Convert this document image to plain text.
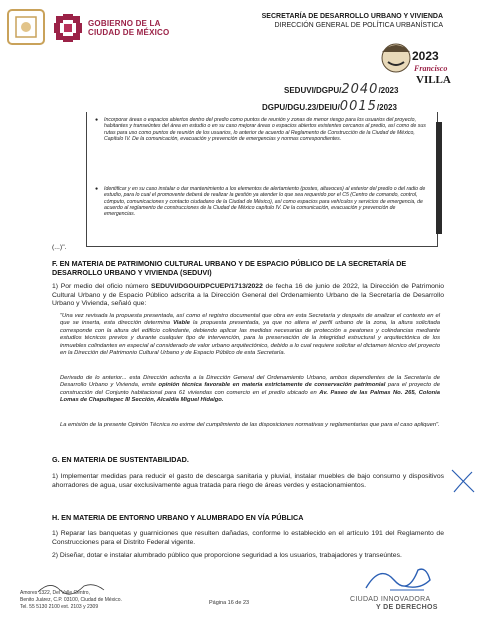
GOBIERNO DE LA
CIUDAD DE MÉXICO
SECRETARÍA DE DESARROLLO URBANO Y VIVIENDA
DIRECCIÓN GENERAL DE POLÍTICA URBANÍSTICA
2023
Francisco
VILLA
SEDUVI/DGPU/2040/2023
DGPU/DGU.23/DEIU/0015/2023
● Incorporar áreas o espacios abiertos dentro del predio como puntos de reunión y zonas de menor riesgo para los usuarios del proyecto, habitantes y transeúntes del área en estudio o en su caso mejorar áreas o espacios abiertos existentes cercanos al predio, así como de sus rutas para uso como puntos de reunión de los usuarios, lo anterior de acuerdo al Reglamento de Construcción de la Ciudad de México, Capítulo IV. De la comunicación, evacuación y prevención de emergencias y normas correspondientes.
● Identificar y en su caso instalar o dar mantenimiento a los elementos de alertamiento (postes, altavoces) al exterior del predio o del radio de estudio, para lo cual el promovente deberá de realizar la gestión ya atender lo que sea requerido por el C5 (Centro de comando, control, cómputo, comunicaciones y contacto ciudadano de la Ciudad de México), así como espacios para vehículos y servicios de emergencia, de acuerdo al reglamento de construcciones de la Ciudad de México capítulo IV. De la comunicación, evacuación y prevención de emergencias.
(...)".
F. EN MATERIA DE PATRIMONIO CULTURAL URBANO Y DE ESPACIO PÚBLICO DE LA SECRETARÍA DE DESARROLLO URBANO Y VIVIENDA (SEDUVI)
1) Por medio del oficio número SEDUVI/DGOU/DPCUEP/1713/2022 de fecha 16 de junio de 2022, la Dirección de Patrimonio Cultural Urbano y de Espacio Público adscrita a la Dirección General del Ordenamiento Urbano de la Secretaría de Desarrollo Urbano y Vivienda, señaló que:
"Una vez revisada la propuesta presentada, así como el registro documental que obra en esta Secretaría y después de analizar el contexto en el que se inserta, esta dirección determina Viable la propuesta presentada, ya que no altera el perfil urbano de la zona, la altura solicitada corresponde con la altura del edificio colindante, debiendo aplicar las medidas necesarias de protección a peatones y colindancias mediante estudios técnicos previos y durante cualquier tipo de intervención, para la preservación de la integridad estructural y arquitectónica de los inmuebles colindantes en especial al considerado de valor urbano arquitectónico, debido a lo cual requiere solicitar el dictamen técnico del proyecto en la Dirección del Patrimonio Cultural Urbano y de Espacio Público de esta Secretaría.
Derivado de lo anterior... esta Dirección adscrita a la Dirección General del Ordenamiento Urbano, ambos dependientes de la Secretaría de Desarrollo Urbano y Vivienda, emite opinión técnica favorable en materia estrictamente de conservación patrimonial para el proyecto de construcción del Conjunto habitacional para 61 viviendas con comercio en el predio ubicado en Av. Paseo de las Palmas No. 265, Colonia Lomas de Chapultepec III Sección, Alcaldía Miguel Hidalgo.
La emisión de la presente Opinión Técnica no exime del cumplimiento de las disposiciones normativas y reglamentarias que para el caso apliquen".
G. EN MATERIA DE SUSTENTABILIDAD.
1) Implementar medidas para reducir el gasto de descarga sanitaria y pluvial, instalar muebles de bajo consumo y dispositivos ahorradores de agua, usar exclusivamente agua tratada para riego de áreas verdes y estacionamientos.
H. EN MATERIA DE ENTORNO URBANO Y ALUMBRADO EN VÍA PÚBLICA
1) Reparar las banquetas y guarniciones que resulten dañadas, conforme lo establecido en el artículo 191 del Reglamento de Construcciones para el Distrito Federal vigente.
2) Diseñar, dotar e instalar alumbrado público que proporcione seguridad a los usuarios, trabajadores y transeúntes.
Amores 1322, Del Valle Centro,
Benito Juárez, C.P. 03100, Ciudad de México.
Tel. 55 5130 2100 ext. 2103 y 2309
Página 16 de 23	CIUDAD INNOVADORA
Y DE DERECHOS
